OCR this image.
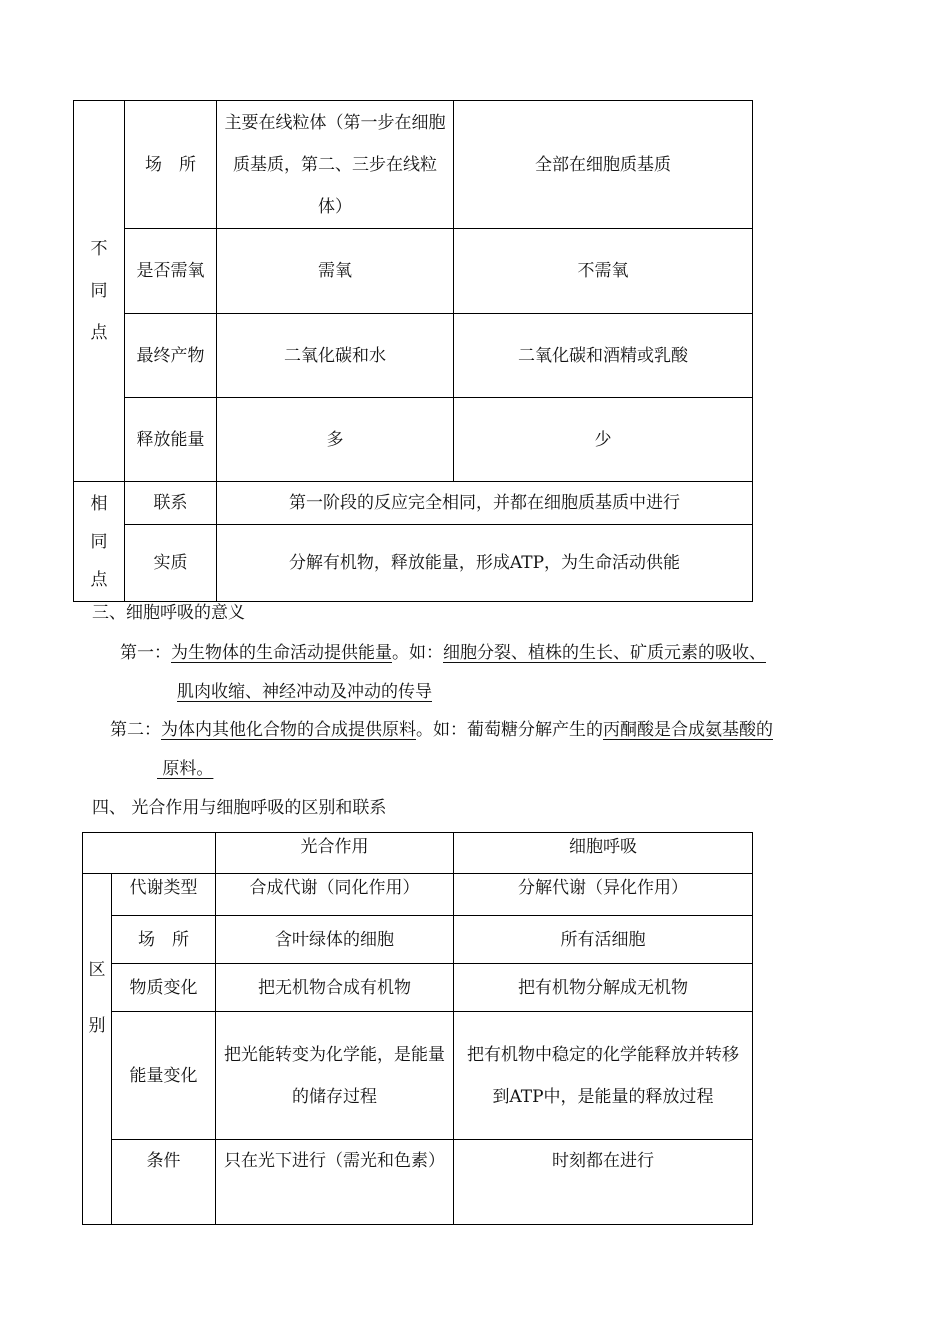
不

同

点	场　所	主要在线粒体（第一步在细胞质基质，第二、三步在线粒体）	全部在细胞质基质
	是否需氧	需氧	不需氧
	最终产物	二氧化碳和水	二氧化碳和酒精或乳酸
	释放能量	多	少
相
同
点	联系	第一阶段的反应完全相同，并都在细胞质基质中进行	
	实质	分解有机物，释放能量，形成ATP，为生命活动供能	
三、细胞呼吸的意义
第一：为生物体的生命活动提供能量。如：细胞分裂、植株的生长、矿质元素的吸收、
肌肉收缩、神经冲动及冲动的传导
第二：为体内其他化合物的合成提供原料。如：葡萄糖分解产生的丙酮酸是合成氨基酸的
原料。
四、 光合作用与细胞呼吸的区别和联系
		光合作用	细胞呼吸
区

别	代谢类型	合成代谢（同化作用）	分解代谢（异化作用）
	场　所	含叶绿体的细胞	所有活细胞
	物质变化	把无机物合成有机物	把有机物分解成无机物
	能量变化	把光能转变为化学能，是能量的储存过程	把有机物中稳定的化学能释放并转移到ATP中，是能量的释放过程
	条件	只在光下进行（需光和色素）	时刻都在进行
